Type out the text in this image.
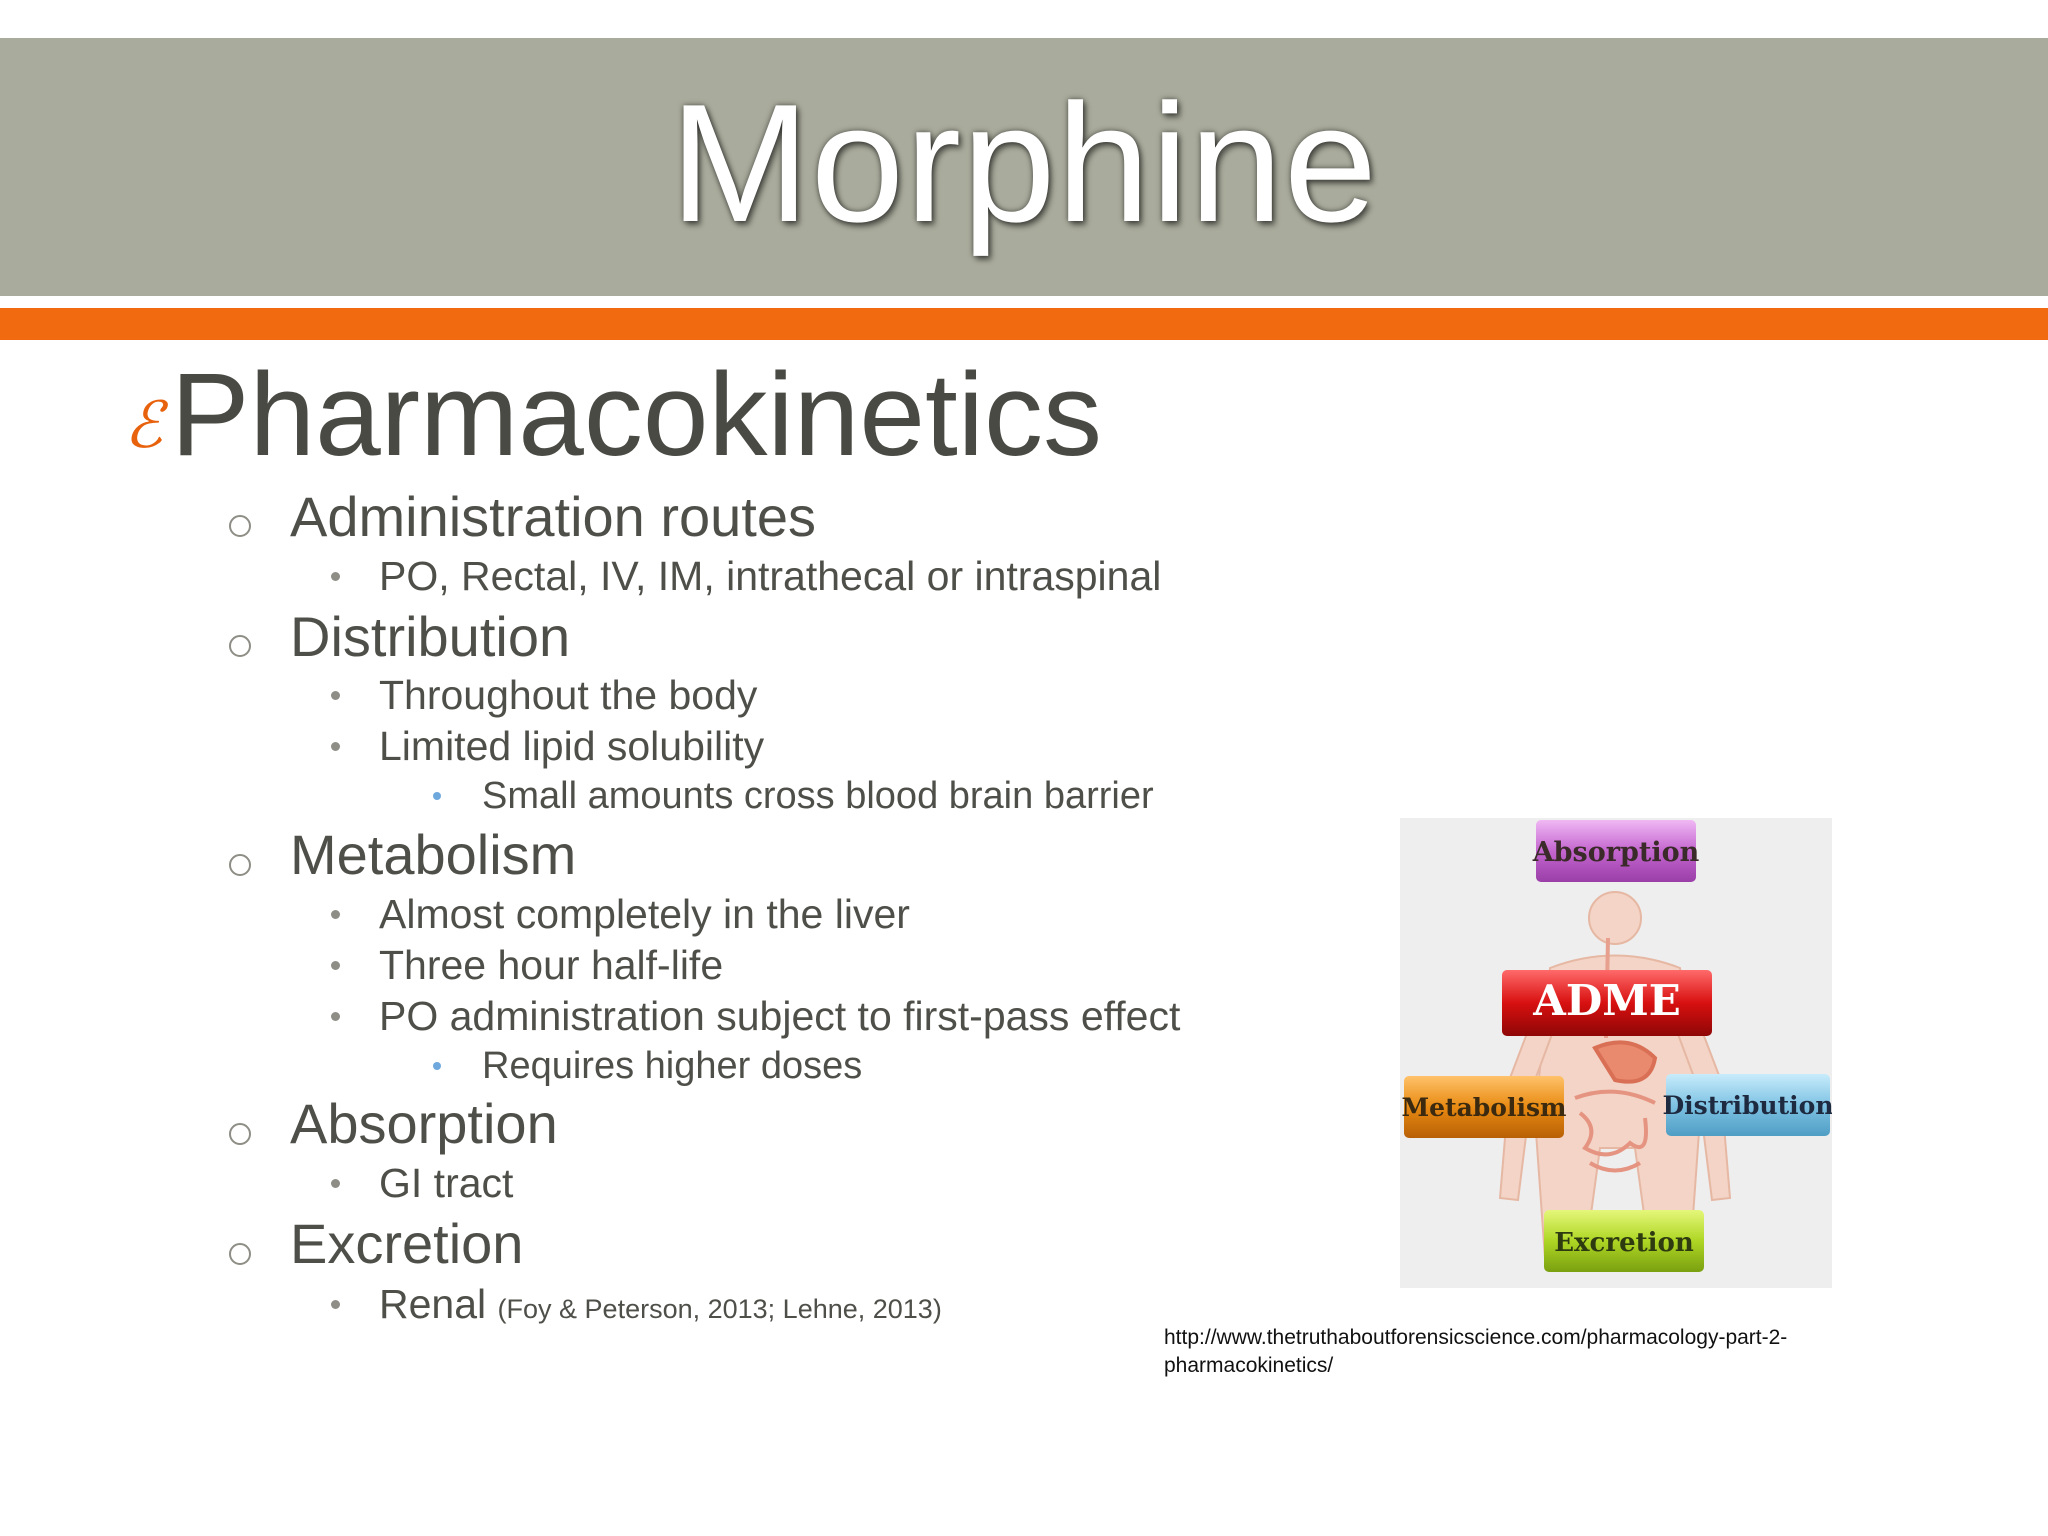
Morphine
ℰ Pharmacokinetics
Administration routes
PO, Rectal, IV, IM, intrathecal or intraspinal
Distribution
Throughout the body
Limited lipid solubility
Small amounts cross blood brain barrier
Metabolism
Almost completely in the liver
Three hour half-life
PO administration subject to first-pass effect
Requires higher doses
Absorption
GI tract
Excretion
Renal (Foy & Peterson, 2013; Lehne, 2013)
Absorption
ADME
Metabolism	Distribution
Excretion
http://www.thetruthaboutforensicscience.com/pharmacology-part-2-
pharmacokinetics/
